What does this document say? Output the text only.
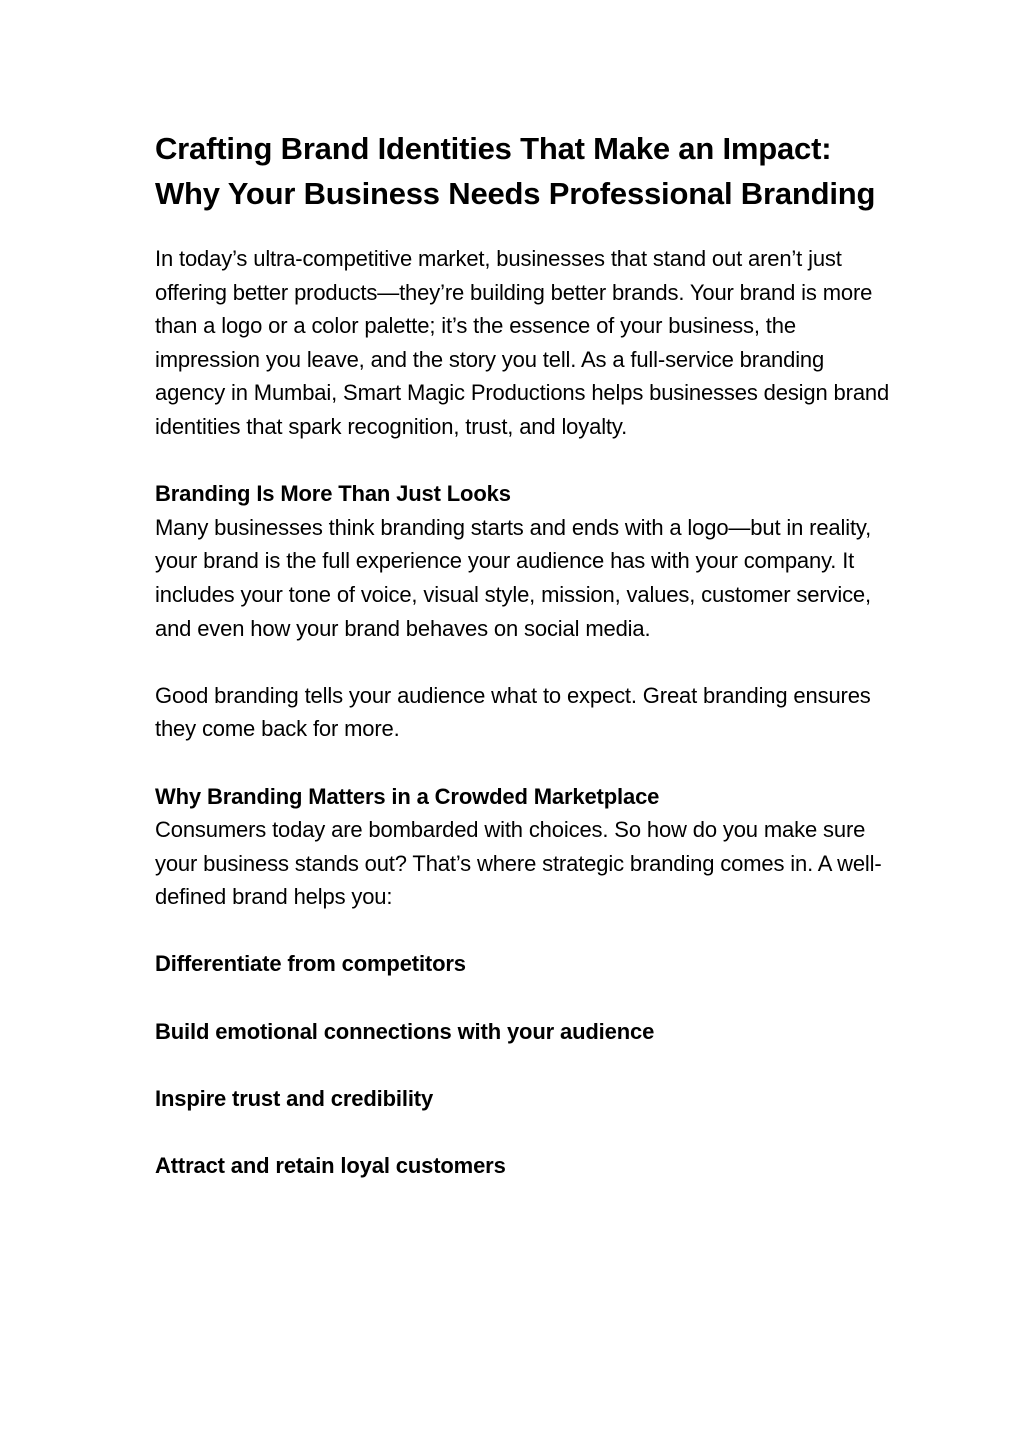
Crafting Brand Identities That Make an Impact: Why Your Business Needs Professional Branding

In today’s ultra-competitive market, businesses that stand out aren’t just offering better products—they’re building better brands. Your brand is more than a logo or a color palette; it’s the essence of your business, the impression you leave, and the story you tell. As a full-service branding agency in Mumbai, Smart Magic Productions helps businesses design brand identities that spark recognition, trust, and loyalty.

Branding Is More Than Just Looks

Many businesses think branding starts and ends with a logo—but in reality, your brand is the full experience your audience has with your company. It includes your tone of voice, visual style, mission, values, customer service, and even how your brand behaves on social media.

Good branding tells your audience what to expect. Great branding ensures they come back for more.

Why Branding Matters in a Crowded Marketplace

Consumers today are bombarded with choices. So how do you make sure your business stands out? That’s where strategic branding comes in. A well-defined brand helps you:

Differentiate from competitors
Build emotional connections with your audience
Inspire trust and credibility
Attract and retain loyal customers
